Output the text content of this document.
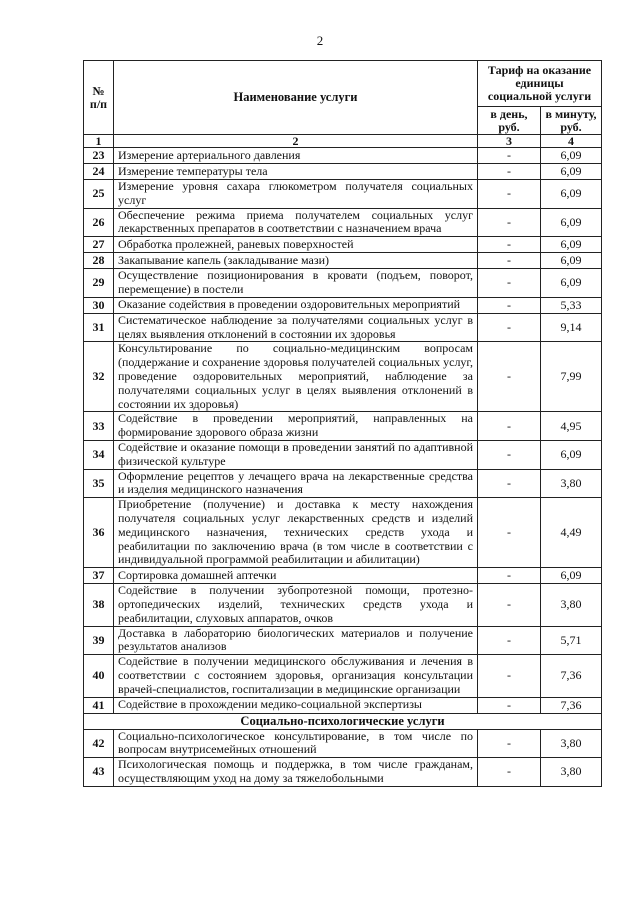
2
№ п/п	Наименование услуги	Тариф на оказание единицы социальной услуги	
		в день, руб.	в минуту, руб.
1	2	3	4
23	Измерение артериального давления	-	6,09
24	Измерение температуры тела	-	6,09
25	Измерение уровня сахара глюкометром получателя социальных услуг	-	6,09
26	Обеспечение режима приема получателем социальных услуг лекарственных препаратов в соответствии с назначением врача	-	6,09
27	Обработка пролежней, раневых поверхностей	-	6,09
28	Закапывание капель (закладывание мази)	-	6,09
29	Осуществление позиционирования в кровати (подъем, поворот, перемещение) в постели	-	6,09
30	Оказание содействия в проведении оздоровительных мероприятий	-	5,33
31	Систематическое наблюдение за получателями социальных услуг в целях выявления отклонений в состоянии их здоровья	-	9,14
32	Консультирование по социально-медицинским вопросам (поддержание и сохранение здоровья получателей социальных услуг, проведение оздоровительных мероприятий, наблюдение за получателями социальных услуг в целях выявления отклонений в состоянии их здоровья)	-	7,99
33	Содействие в проведении мероприятий, направленных на формирование здорового образа жизни	-	4,95
34	Содействие и оказание помощи в проведении занятий по адаптивной физической культуре	-	6,09
35	Оформление рецептов у лечащего врача на лекарственные средства и изделия медицинского назначения	-	3,80
36	Приобретение (получение) и доставка к месту нахождения получателя социальных услуг лекарственных средств и изделий медицинского назначения, технических средств ухода и реабилитации по заключению врача (в том числе в соответствии с индивидуальной программой реабилитации и абилитации)	-	4,49
37	Сортировка домашней аптечки	-	6,09
38	Содействие в получении зубопротезной помощи, протезно-ортопедических изделий, технических средств ухода и реабилитации, слуховых аппаратов, очков	-	3,80
39	Доставка в лабораторию биологических материалов и получение результатов анализов	-	5,71
40	Содействие в получении медицинского обслуживания и лечения в соответствии с состоянием здоровья, организация консультации врачей-специалистов, госпитализации в медицинские организации	-	7,36
41	Содействие в прохождении медико-социальной экспертизы	-	7,36
Социально-психологические услуги			
42	Социально-психологическое консультирование, в том числе по вопросам внутрисемейных отношений	-	3,80
43	Психологическая помощь и поддержка, в том числе гражданам, осуществляющим уход на дому за тяжелобольными	-	3,80
